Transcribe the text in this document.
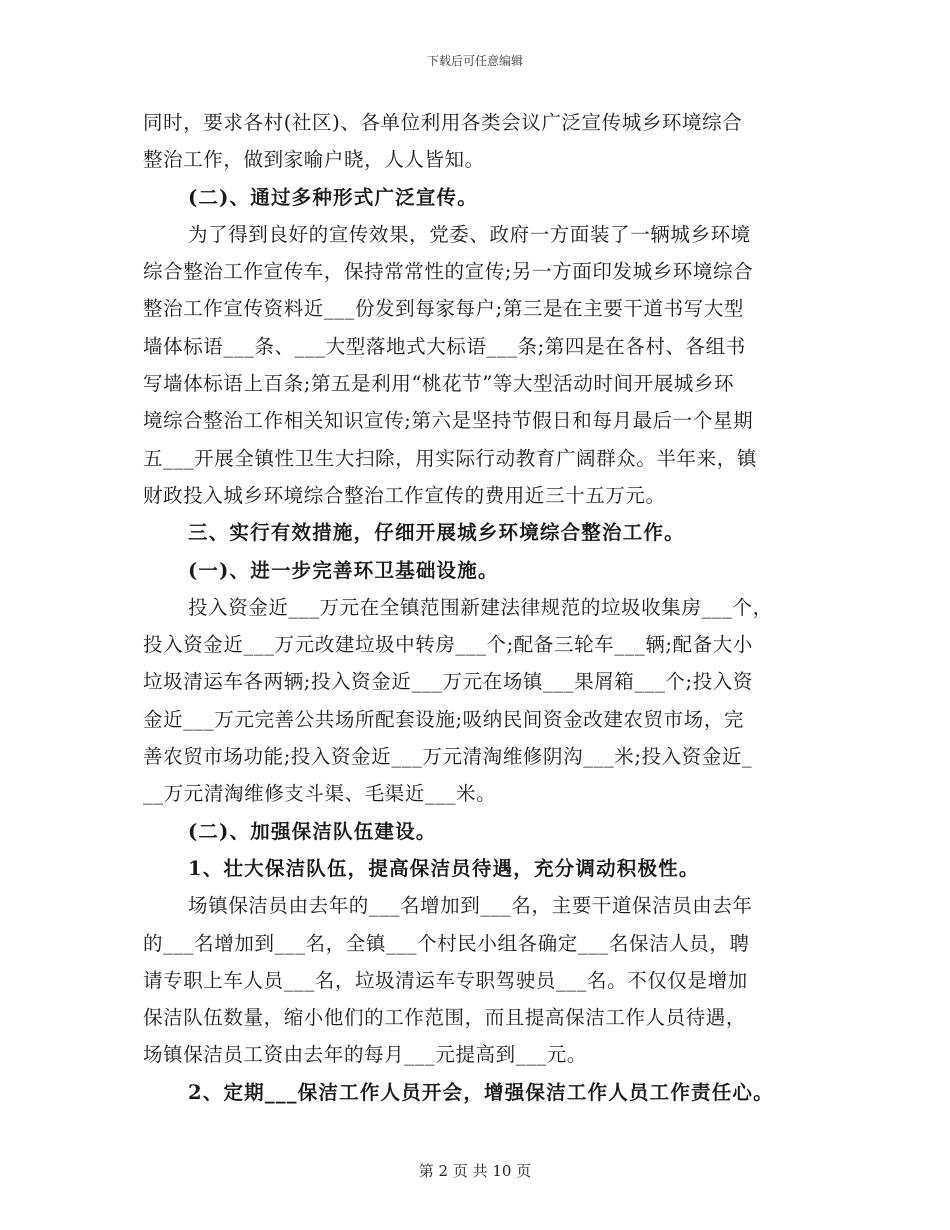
下载后可任意编辑
同时，要求各村(社区)、各单位利用各类会议广泛宣传城乡环境综合
整治工作，做到家喻户晓，人人皆知。
(二)、通过多种形式广泛宣传。
为了得到良好的宣传效果，党委、政府一方面装了一辆城乡环境
综合整治工作宣传车，保持常常性的宣传;另一方面印发城乡环境综合
整治工作宣传资料近___份发到每家每户;第三是在主要干道书写大型
墙体标语___条、___大型落地式大标语___条;第四是在各村、各组书
写墙体标语上百条;第五是利用“桃花节”等大型活动时间开展城乡环
境综合整治工作相关知识宣传;第六是坚持节假日和每月最后一个星期
五___开展全镇性卫生大扫除，用实际行动教育广阔群众。半年来，镇
财政投入城乡环境综合整治工作宣传的费用近三十五万元。
三、实行有效措施，仔细开展城乡环境综合整治工作。
(一)、进一步完善环卫基础设施。
投入资金近___万元在全镇范围新建法律规范的垃圾收集房___个，
投入资金近___万元改建垃圾中转房___个;配备三轮车___辆;配备大小
垃圾清运车各两辆;投入资金近___万元在场镇___果屑箱___个;投入资
金近___万元完善公共场所配套设施;吸纳民间资金改建农贸市场，完
善农贸市场功能;投入资金近___万元清淘维修阴沟___米;投入资金近_
__万元清淘维修支斗渠、毛渠近___米。
(二)、加强保洁队伍建设。
1、壮大保洁队伍，提高保洁员待遇，充分调动积极性。
场镇保洁员由去年的___名增加到___名，主要干道保洁员由去年
的___名增加到___名，全镇___个村民小组各确定___名保洁人员，聘
请专职上车人员___名，垃圾清运车专职驾驶员___名。不仅仅是增加
保洁队伍数量，缩小他们的工作范围，而且提高保洁工作人员待遇，
场镇保洁员工资由去年的每月___元提高到___元。
2、定期___保洁工作人员开会，增强保洁工作人员工作责任心。
第 2 页 共 10 页
